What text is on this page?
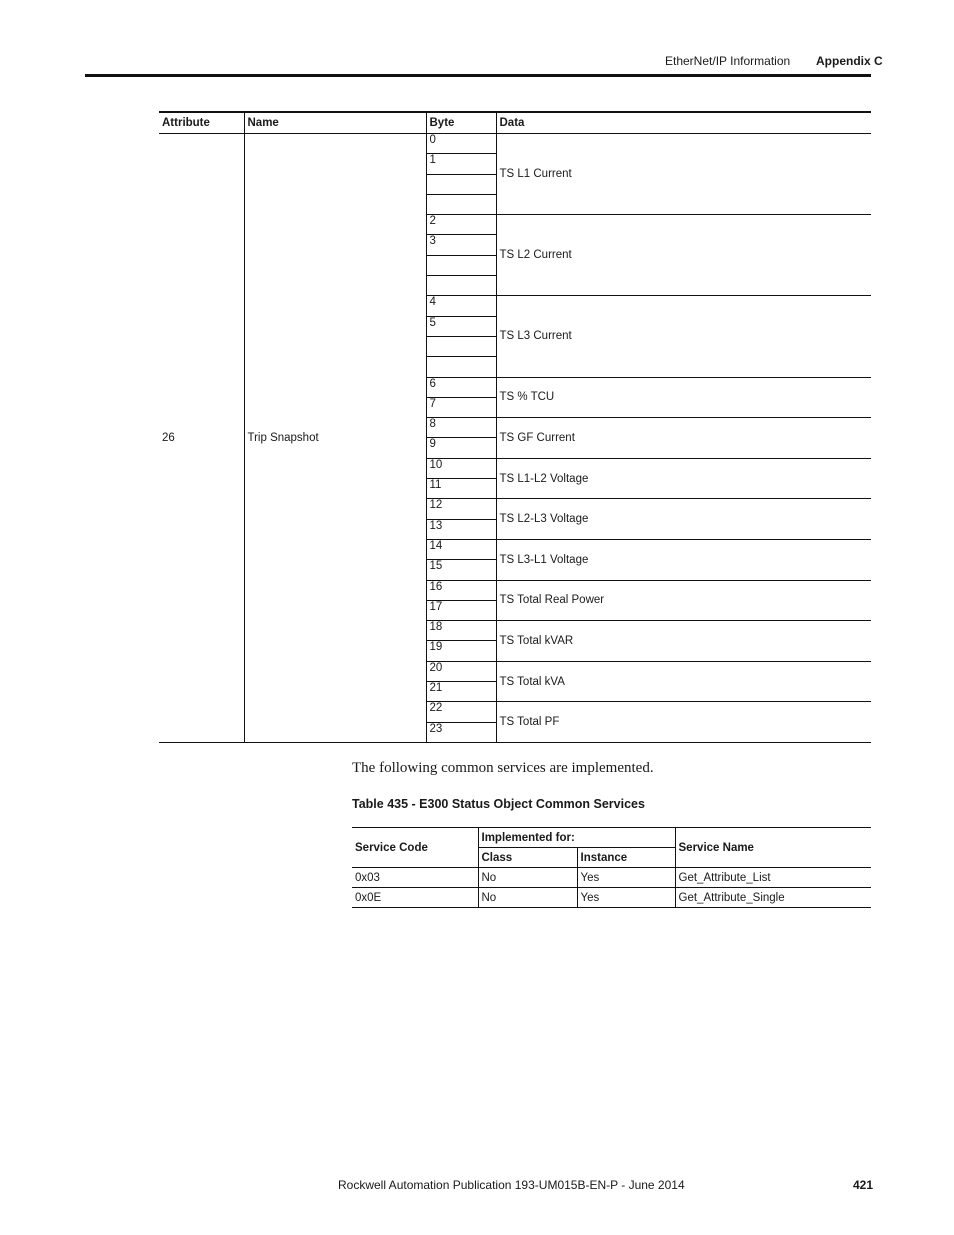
EtherNet/IP Information Appendix C
Attribute	Name	Byte	Data
26	Trip Snapshot	0	TS L1 Current
		1	

		2	TS L2 Current
		3	

		4	TS L3 Current
		5	

		6	TS % TCU
		7	
		8	TS GF Current
		9	
		10	TS L1-L2 Voltage
		11	
		12	TS L2-L3 Voltage
		13	
		14	TS L3-L1 Voltage
		15	
		16	TS Total Real Power
		17	
		18	TS Total kVAR
		19	
		20	TS Total kVA
		21	
		22	TS Total PF
		23	
The following common services are implemented.
Table 435 - E300 Status Object Common Services
Service Code	Implemented for:		Service Name
	Class	Instance	
0x03	No	Yes	Get_Attribute_List
0x0E	No	Yes	Get_Attribute_Single
Rockwell Automation Publication 193-UM015B-EN-P - June 2014	421
